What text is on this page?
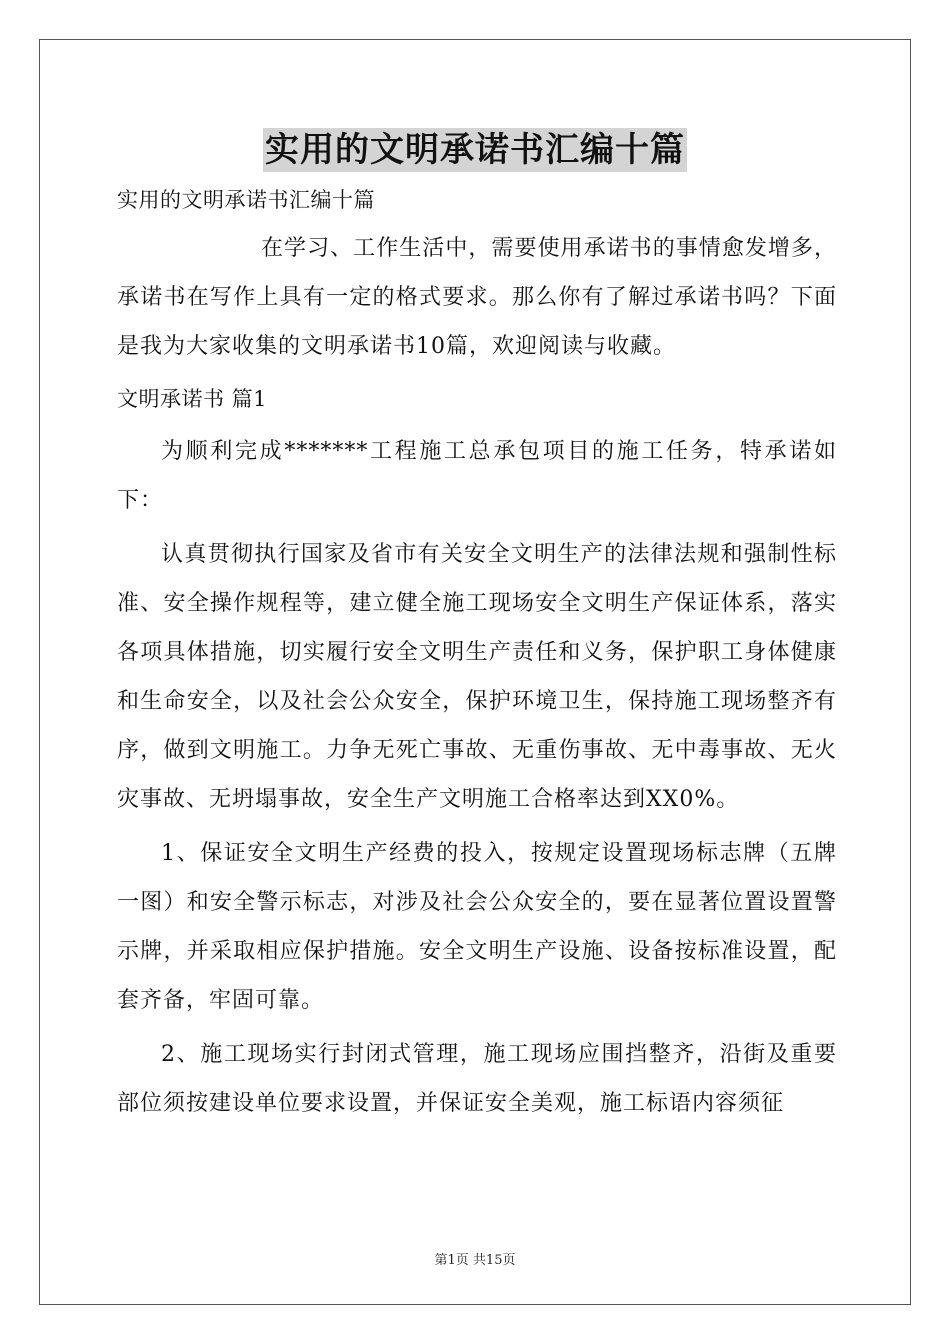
实用的文明承诺书汇编十篇
实用的文明承诺书汇编十篇

在学习、工作生活中，需要使用承诺书的事情愈发增多，承诺书在写作上具有一定的格式要求。那么你有了解过承诺书吗？下面是我为大家收集的文明承诺书10篇，欢迎阅读与收藏。

文明承诺书 篇1

为顺利完成*******工程施工总承包项目的施工任务，特承诺如下：

认真贯彻执行国家及省市有关安全文明生产的法律法规和强制性标准、安全操作规程等，建立健全施工现场安全文明生产保证体系，落实各项具体措施，切实履行安全文明生产责任和义务，保护职工身体健康和生命安全，以及社会公众安全，保护环境卫生，保持施工现场整齐有序，做到文明施工。力争无死亡事故、无重伤事故、无中毒事故、无火灾事故、无坍塌事故，安全生产文明施工合格率达到XX0%。

1、保证安全文明生产经费的投入，按规定设置现场标志牌（五牌一图）和安全警示标志，对涉及社会公众安全的，要在显著位置设置警示牌，并采取相应保护措施。安全文明生产设施、设备按标准设置，配套齐备，牢固可靠。

2、施工现场实行封闭式管理，施工现场应围挡整齐，沿街及重要部位须按建设单位要求设置，并保证安全美观，施工标语内容须征

第1页 共15页
